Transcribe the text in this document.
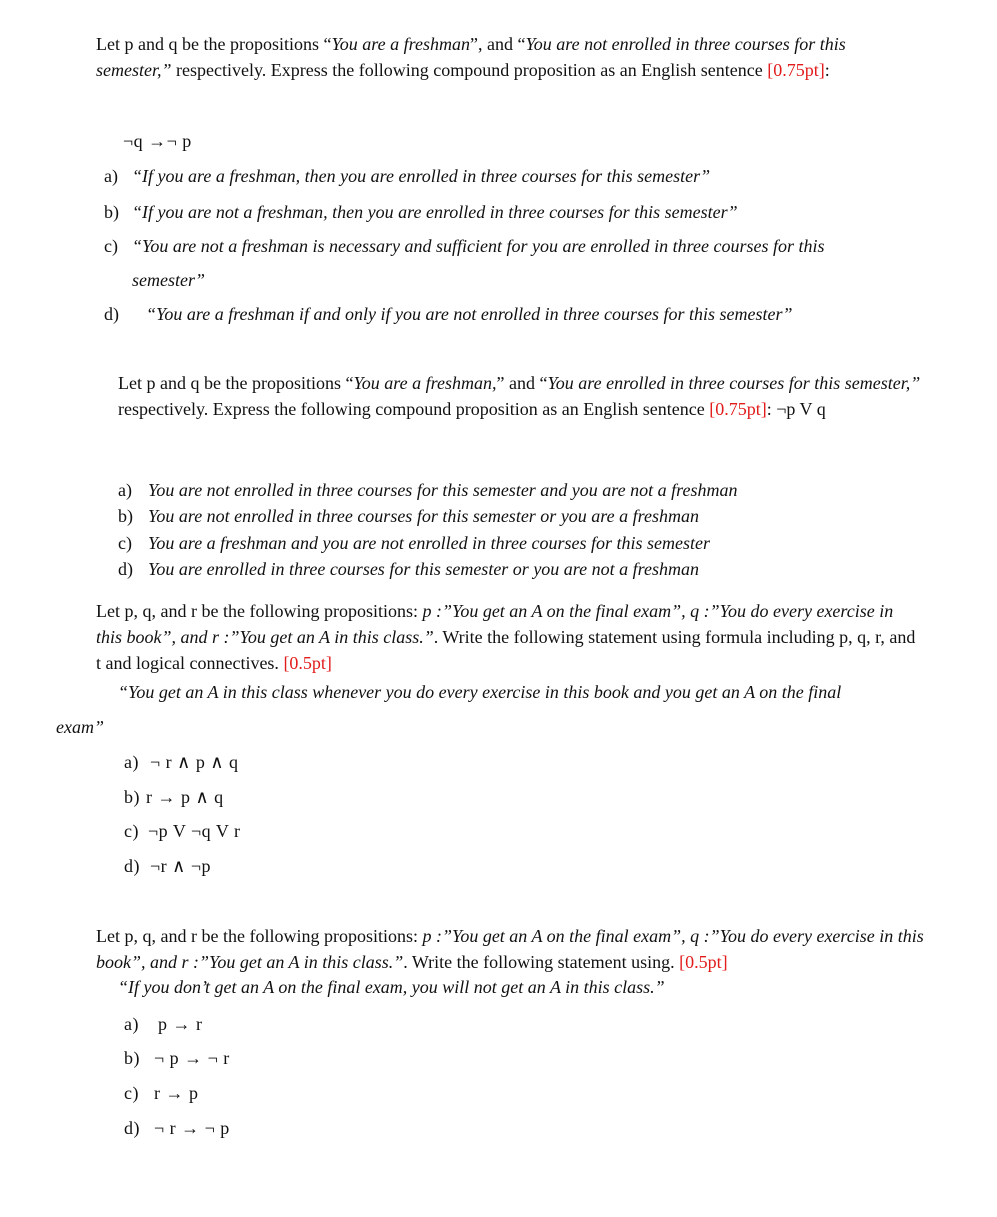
Let p and q be the propositions “You are a freshman”, and “You are not enrolled in three courses for this semester,” respectively. Express the following compound proposition as an English sentence [0.75pt]:
¬q →¬ p
a) “If you are a freshman, then you are enrolled in three courses for this semester”
b) “If you are not a freshman, then you are enrolled in three courses for this semester”
c) “You are not a freshman is necessary and sufficient for you are enrolled in three courses for this
semester”
d) “You are a freshman if and only if you are not enrolled in three courses for this semester”
Let p and q be the propositions “You are a freshman,” and “You are enrolled in three courses for this semester,” respectively. Express the following compound proposition as an English sentence [0.75pt]: ¬p V q
a) You are not enrolled in three courses for this semester and you are not a freshman
b) You are not enrolled in three courses for this semester or you are a freshman
c) You are a freshman and you are not enrolled in three courses for this semester
d) You are enrolled in three courses for this semester or you are not a freshman
Let p, q, and r be the following propositions: p :”You get an A on the final exam”, q :”You do every exercise in this book”, and r :”You get an A in this class.”. Write the following statement using formula including p, q, r, and t and logical connectives. [0.5pt]
“You get an A in this class whenever you do every exercise in this book and you get an A on the final
exam”
a) ¬ r ∧ p ∧ q
b) r → p ∧ q
c) ¬p V ¬q V r
d) ¬r ∧ ¬p
Let p, q, and r be the following propositions: p :”You get an A on the final exam”, q :”You do every exercise in this book”, and r :”You get an A in this class.”. Write the following statement using. [0.5pt]
“If you don’t get an A on the final exam, you will not get an A in this class.”
a) p → r
b) ¬ p → ¬ r
c) r → p
d) ¬ r → ¬ p
